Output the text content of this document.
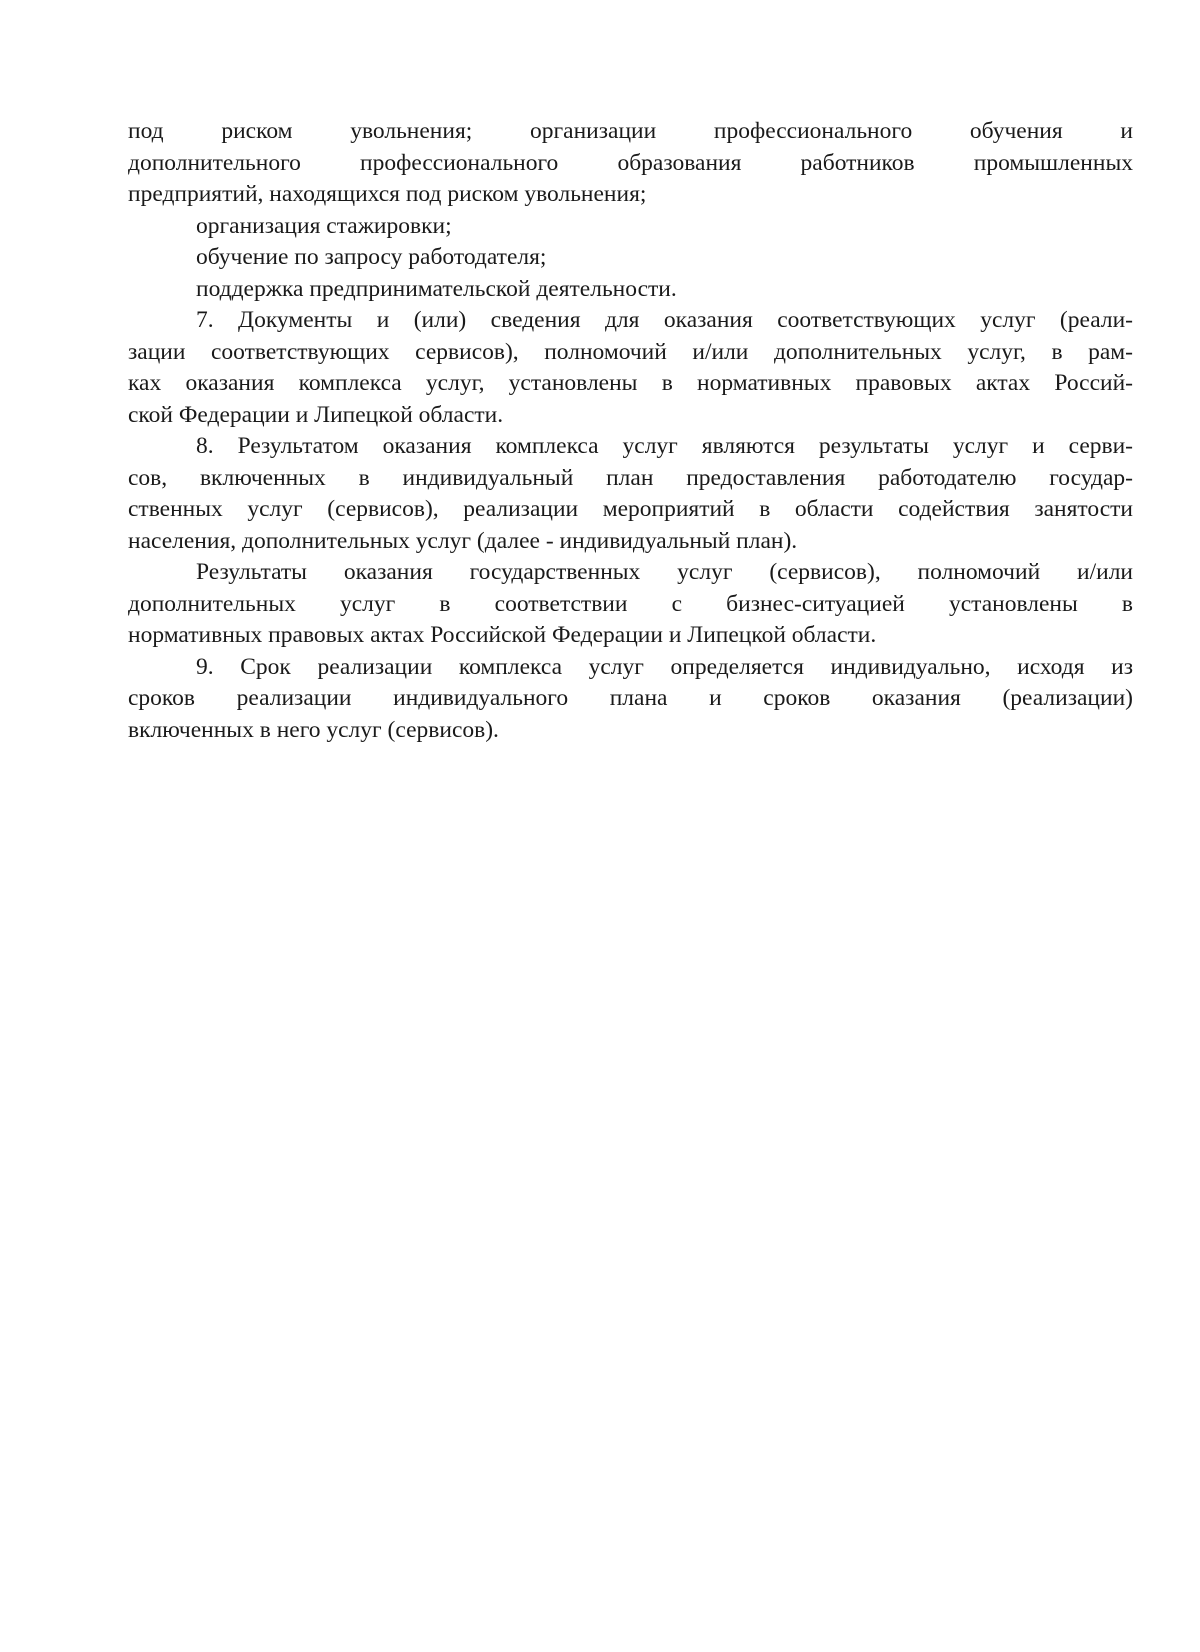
под риском увольнения; организации профессионального обучения и
дополнительного профессионального образования работников промышленных
предприятий, находящихся под риском увольнения;
организация стажировки;
обучение по запросу работодателя;
поддержка предпринимательской деятельности.
7. Документы и (или) сведения для оказания соответствующих услуг (реали-
зации соответствующих сервисов), полномочий и/или дополнительных услуг, в рам-
ках оказания комплекса услуг, установлены в нормативных правовых актах Россий-
ской Федерации и Липецкой области.
8. Результатом оказания комплекса услуг являются результаты услуг и серви-
сов, включенных в индивидуальный план предоставления работодателю государ-
ственных услуг (сервисов), реализации мероприятий в области содействия занятости
населения, дополнительных услуг (далее - индивидуальный план).
Результаты оказания государственных услуг (сервисов), полномочий и/или
дополнительных услуг в соответствии с бизнес-ситуацией установлены в
нормативных правовых актах Российской Федерации и Липецкой области.
9. Срок реализации комплекса услуг определяется индивидуально, исходя из
сроков реализации индивидуального плана и сроков оказания (реализации)
включенных в него услуг (сервисов).
